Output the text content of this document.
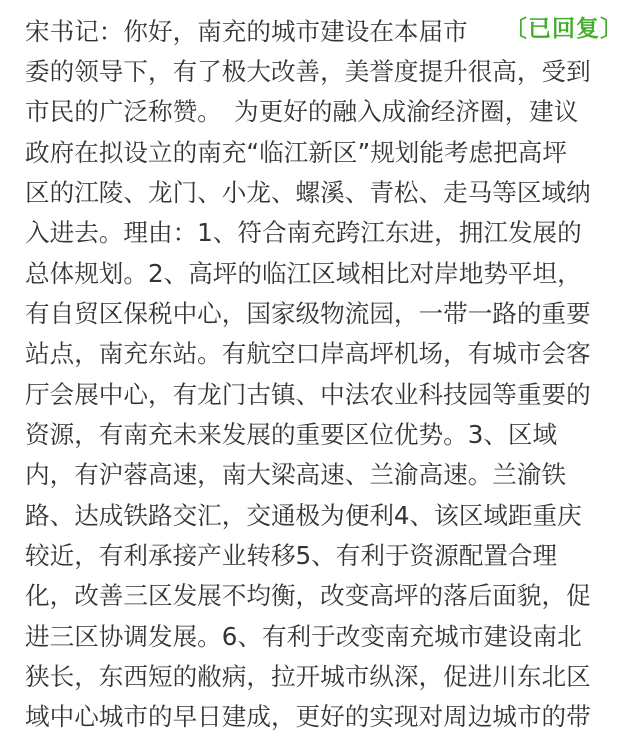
〔已回复〕
宋书记：你好，南充的城市建设在本届市
委的领导下，有了极大改善，美誉度提升很高，受到
市民的广泛称赞。　为更好的融入成渝经济圈，建议
政府在拟设立的南充“临江新区”规划能考虑把高坪
区的江陵、龙门、小龙、螺溪、青松、走马等区域纳
入进去。理由：1、符合南充跨江东进，拥江发展的
总体规划。2、高坪的临江区域相比对岸地势平坦，
有自贸区保税中心，国家级物流园，一带一路的重要
站点，南充东站。有航空口岸高坪机场，有城市会客
厅会展中心，有龙门古镇、中法农业科技园等重要的
资源，有南充未来发展的重要区位优势。3、区域
内，有沪蓉高速，南大梁高速、兰渝高速。兰渝铁
路、达成铁路交汇，交通极为便利4、该区域距重庆
较近，有利承接产业转移5、有利于资源配置合理
化，改善三区发展不均衡，改变高坪的落后面貌，促
进三区协调发展。6、有利于改变南充城市建设南北
狭长，东西短的敝病，拉开城市纵深，促进川东北区
域中心城市的早日建成，更好的实现对周边城市的带
